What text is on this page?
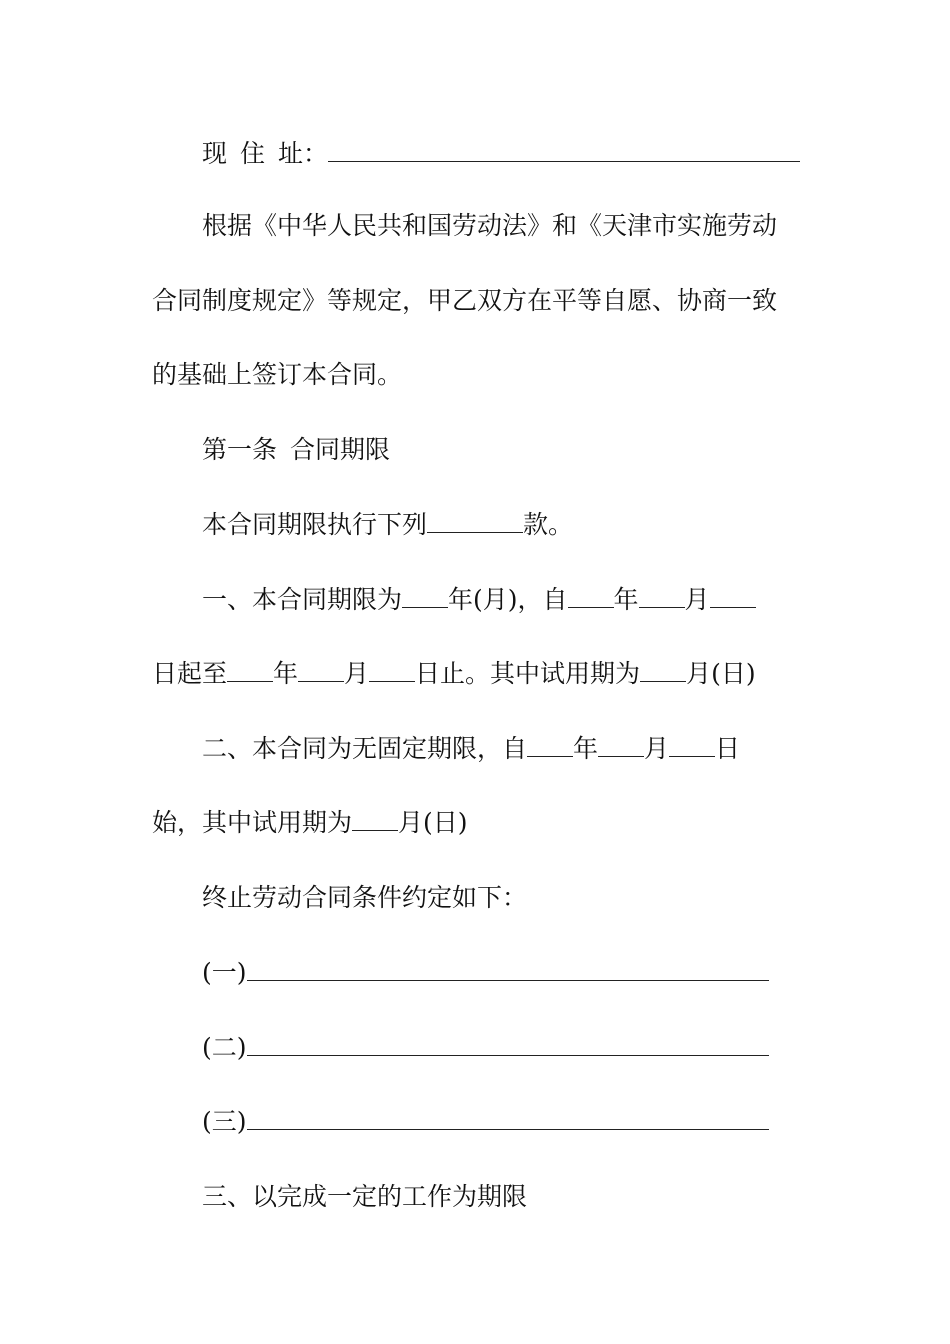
现 住 址：
根据《中华人民共和国劳动法》和《天津市实施劳动
合同制度规定》等规定，甲乙双方在平等自愿、协商一致
的基础上签订本合同。
第一条 合同期限
本合同期限执行下列	款。
一、本合同期限为 年(月)，自 年 月
日起至 年 月 日止。其中试用期为 月(日)
二、本合同为无固定期限，自 年 月 日
始，其中试用期为 月(日)
终止劳动合同条件约定如下：
(一)
(二)
(三)
三、以完成一定的工作为期限
